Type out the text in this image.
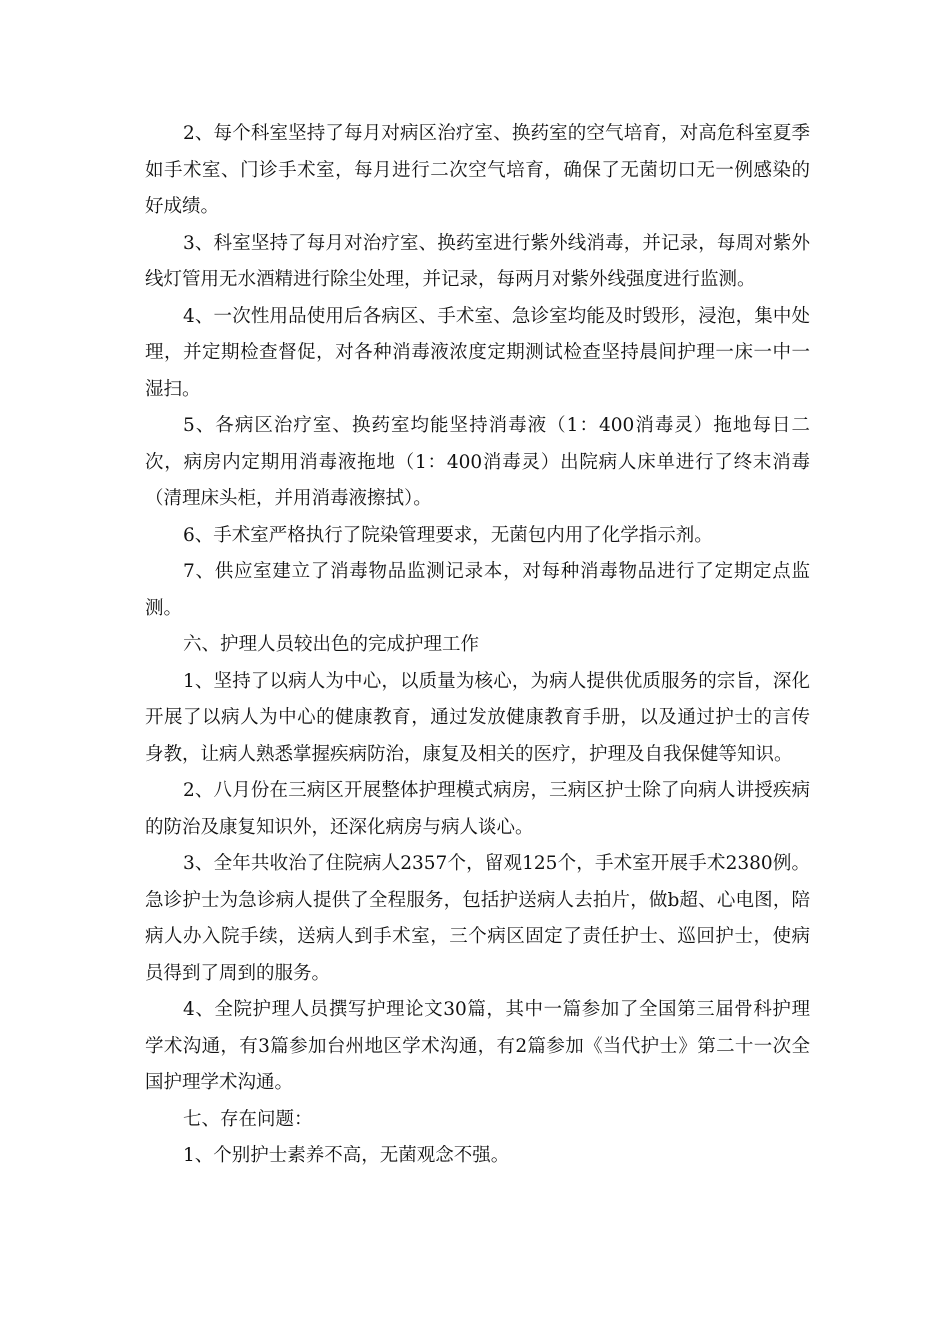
2、每个科室坚持了每月对病区治疗室、换药室的空气培育，对高危科室夏季如手术室、门诊手术室，每月进行二次空气培育，确保了无菌切口无一例感染的好成绩。

3、科室坚持了每月对治疗室、换药室进行紫外线消毒，并记录，每周对紫外线灯管用无水酒精进行除尘处理，并记录，每两月对紫外线强度进行监测。

4、一次性用品使用后各病区、手术室、急诊室均能及时毁形，浸泡，集中处理，并定期检查督促，对各种消毒液浓度定期测试检查坚持晨间护理一床一中一湿扫。

5、各病区治疗室、换药室均能坚持消毒液（1：400消毒灵）拖地每日二次，病房内定期用消毒液拖地（1：400消毒灵）出院病人床单进行了终末消毒（清理床头柜，并用消毒液擦拭）。

6、手术室严格执行了院染管理要求，无菌包内用了化学指示剂。

7、供应室建立了消毒物品监测记录本，对每种消毒物品进行了定期定点监测。

六、护理人员较出色的完成护理工作

1、坚持了以病人为中心，以质量为核心，为病人提供优质服务的宗旨，深化开展了以病人为中心的健康教育，通过发放健康教育手册，以及通过护士的言传身教，让病人熟悉掌握疾病防治，康复及相关的医疗，护理及自我保健等知识。

2、八月份在三病区开展整体护理模式病房，三病区护士除了向病人讲授疾病的防治及康复知识外，还深化病房与病人谈心。

3、全年共收治了住院病人2357个，留观125个，手术室开展手术2380例。急诊护士为急诊病人提供了全程服务，包括护送病人去拍片，做b超、心电图，陪病人办入院手续，送病人到手术室，三个病区固定了责任护士、巡回护士，使病员得到了周到的服务。

4、全院护理人员撰写护理论文30篇，其中一篇参加了全国第三届骨科护理学术沟通，有3篇参加台州地区学术沟通，有2篇参加《当代护士》第二十一次全国护理学术沟通。

七、存在问题：

1、个别护士素养不高，无菌观念不强。
